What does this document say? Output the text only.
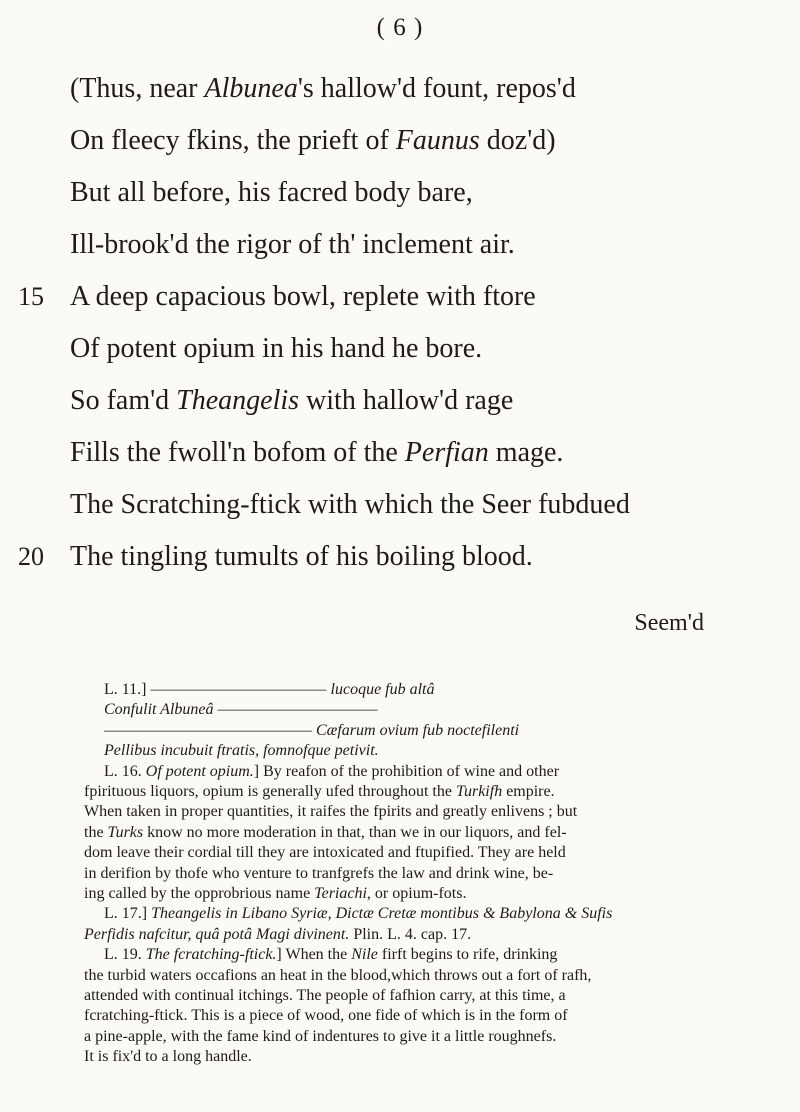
( 6 )
(Thus, near Albunea's hallow'd fount, repos'd
On fleecy fkins, the prieft of Faunus doz'd)
But all before, his facred body bare,
Ill-brook'd the rigor of th' inclement air.
15 A deep capacious bowl, replete with ftore
Of potent opium in his hand he bore.
So fam'd Theangelis with hallow'd rage
Fills the fwoll'n bofom of the Perfian mage.
The Scratching-ftick with which the Seer fubdued
20 The tingling tumults of his boiling blood.
Seem'd
L. 11.] ——————————— lucoque fub altâ
Confulit Albuneâ ——————————
————————————— Cæfarum ovium fub noctefilenti
Pellibus incubuit ftratis, fomnofque petivit.
L. 16. Of potent opium.] By reafon of the prohibition of wine and other
fpirituous liquors, opium is generally ufed throughout the Turkifh empire.
When taken in proper quantities, it raifes the fpirits and greatly enlivens ; but
the Turks know no more moderation in that, than we in our liquors, and fel-
dom leave their cordial till they are intoxicated and ftupified. They are held
in derifion by thofe who venture to tranfgrefs the law and drink wine, be-
ing called by the opprobrious name Teriachi, or opium-fots.
L. 17.] Theangelis in Libano Syriæ, Dictæ Cretæ montibus & Babylona & Sufis
Perfidis nafcitur, quâ potâ Magi divinent. Plin. L. 4. cap. 17.
L. 19. The fcratching-ftick.] When the Nile firft begins to rife, drinking
the turbid waters occafions an heat in the blood,which throws out a fort of rafh,
attended with continual itchings. The people of fafhion carry, at this time, a
fcratching-ftick. This is a piece of wood, one fide of which is in the form of
a pine-apple, with the fame kind of indentures to give it a little roughnefs.
It is fix'd to a long handle.
